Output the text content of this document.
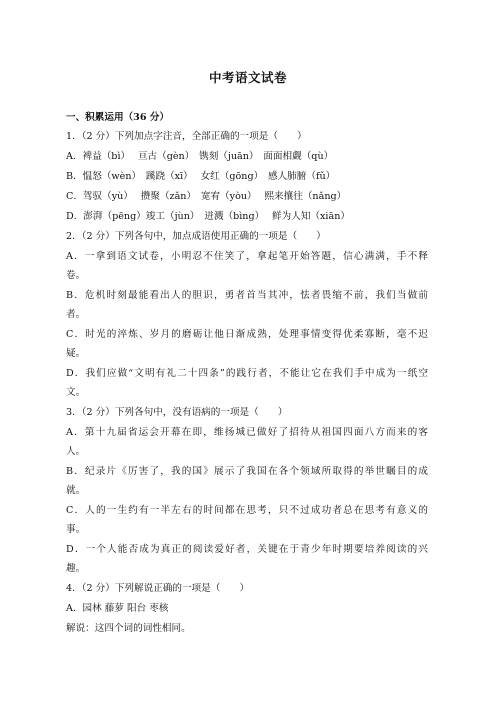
中考语文试卷
一、积累运用（36 分）
1．（2 分）下列加点字注音，全部正确的一项是（　　）
A．裨益（bì）　 亘古（gèn）　镌刻（juān）　面面相觑（qù）
B．愠怒（wèn）　蹊跷（xī）　 女红（gōng）　感人肺腑（fǔ）
C．驾驭（yù）　 攒聚（zǎn）　宽宥（yòu）　 熙来攘往（nǎng）
D．澎湃（pēng）竣工（jùn）　迸溅（bìng）　 鲜为人知（xiān）
2．（2 分）下列各句中，加点成语使用正确的一项是（　　）
A．一拿到语文试卷，小明忍不住笑了，拿起笔开始答题，信心满满，手不释
卷。
B．危机时刻最能看出人的胆识，勇者首当其冲，怯者畏缩不前，我们当做前
者。
C．时光的淬炼、岁月的磨砺让他日渐成熟，处理事情变得优柔寡断，毫不迟
疑。
D．我们应做“文明有礼二十四条”的践行者，不能让它在我们手中成为一纸空
文。
3．（2 分）下列各句中，没有语病的一项是（　　）
A．第十九届省运会开幕在即，维扬城已做好了招待从祖国四面八方而来的客
人。
B．纪录片《厉害了，我的国》展示了我国在各个领域所取得的举世瞩目的成
就。
C．人的一生约有一半左右的时间都在思考，只不过成功者总在思考有意义的
事。
D．一个人能否成为真正的阅读爱好者，关键在于青少年时期要培养阅读的兴
趣。
4．（2 分）下列解说正确的一项是（　　）
A．园林 藤萝 阳台 枣核
解说：这四个词的词性相同。
